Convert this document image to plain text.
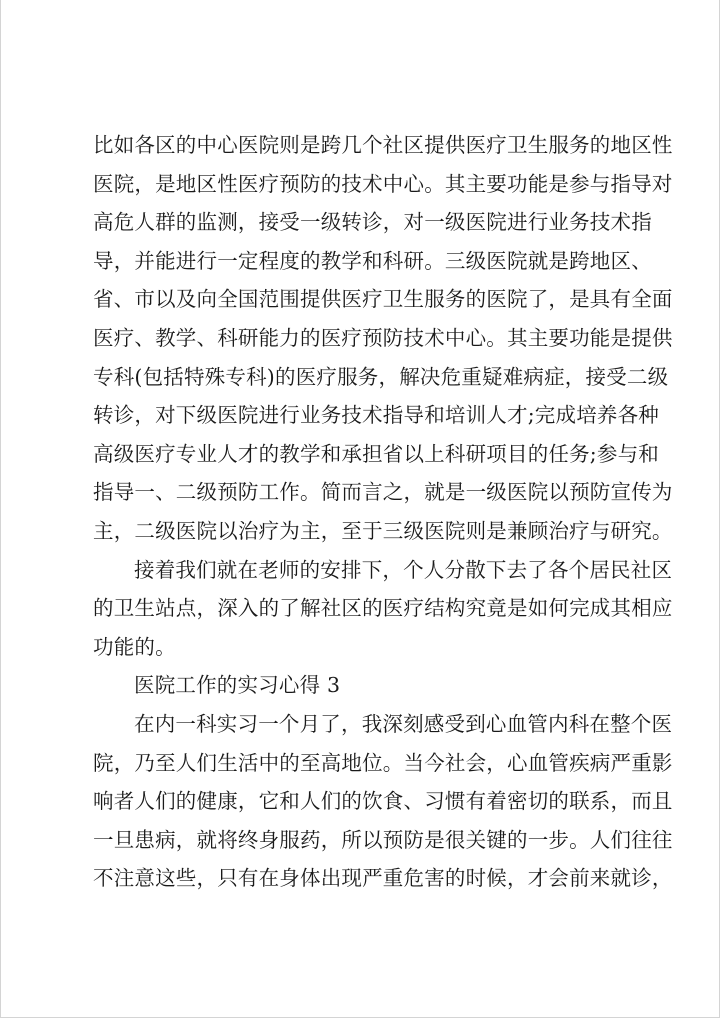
比如各区的中心医院则是跨几个社区提供医疗卫生服务的地区性
医院，是地区性医疗预防的技术中心。其主要功能是参与指导对
高危人群的监测，接受一级转诊，对一级医院进行业务技术指
导，并能进行一定程度的教学和科研。三级医院就是跨地区、
省、市以及向全国范围提供医疗卫生服务的医院了，是具有全面
医疗、教学、科研能力的医疗预防技术中心。其主要功能是提供
专科(包括特殊专科)的医疗服务，解决危重疑难病症，接受二级
转诊，对下级医院进行业务技术指导和培训人才;完成培养各种
高级医疗专业人才的教学和承担省以上科研项目的任务;参与和
指导一、二级预防工作。简而言之，就是一级医院以预防宣传为
主，二级医院以治疗为主，至于三级医院则是兼顾治疗与研究。
接着我们就在老师的安排下，个人分散下去了各个居民社区
的卫生站点，深入的了解社区的医疗结构究竟是如何完成其相应
功能的。
医院工作的实习心得 3
在内一科实习一个月了，我深刻感受到心血管内科在整个医
院，乃至人们生活中的至高地位。当今社会，心血管疾病严重影
响者人们的健康，它和人们的饮食、习惯有着密切的联系，而且
一旦患病，就将终身服药，所以预防是很关键的一步。人们往往
不注意这些，只有在身体出现严重危害的时候，才会前来就诊，
